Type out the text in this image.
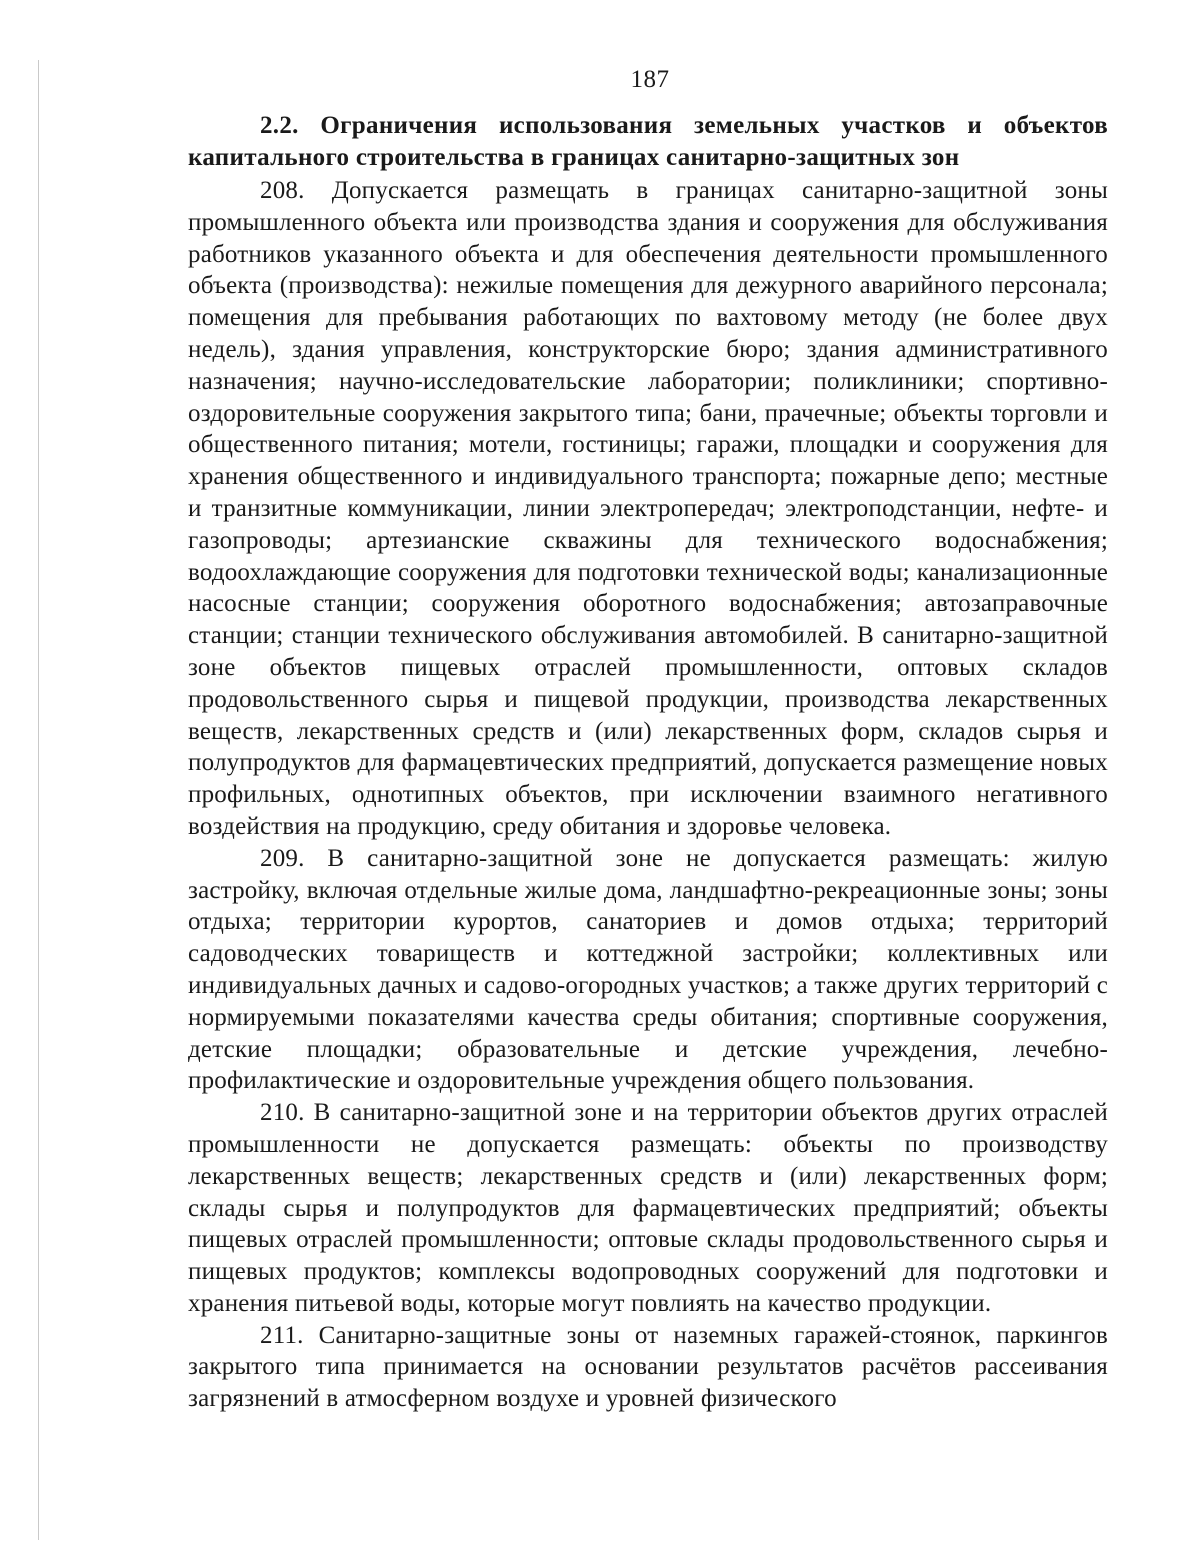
187
2.2. Ограничения использования земельных участков и объектов капитального строительства в границах санитарно-защитных зон

208. Допускается размещать в границах санитарно-защитной зоны промышленного объекта или производства здания и сооружения для обслуживания работников указанного объекта и для обеспечения деятельности промышленного объекта (производства): нежилые помещения для дежурного аварийного персонала; помещения для пребывания работающих по вахтовому методу (не более двух недель), здания управления, конструкторские бюро; здания административного назначения; научно-исследовательские лаборатории; поликлиники; спортивно-оздоровительные сооружения закрытого типа; бани, прачечные; объекты торговли и общественного питания; мотели, гостиницы; гаражи, площадки и сооружения для хранения общественного и индивидуального транспорта; пожарные депо; местные и транзитные коммуникации, линии электропередач; электроподстанции, нефте- и газопроводы; артезианские скважины для технического водоснабжения; водоохлаждающие сооружения для подготовки технической воды; канализационные насосные станции; сооружения оборотного водоснабжения; автозаправочные станции; станции технического обслуживания автомобилей. В санитарно-защитной зоне объектов пищевых отраслей промышленности, оптовых складов продовольственного сырья и пищевой продукции, производства лекарственных веществ, лекарственных средств и (или) лекарственных форм, складов сырья и полупродуктов для фармацевтических предприятий, допускается размещение новых профильных, однотипных объектов, при исключении взаимного негативного воздействия на продукцию, среду обитания и здоровье человека.

209. В санитарно-защитной зоне не допускается размещать: жилую застройку, включая отдельные жилые дома, ландшафтно-рекреационные зоны; зоны отдыха; территории курортов, санаториев и домов отдыха; территорий садоводческих товариществ и коттеджной застройки; коллективных или индивидуальных дачных и садово-огородных участков; а также других территорий с нормируемыми показателями качества среды обитания; спортивные сооружения, детские площадки; образовательные и детские учреждения, лечебно-профилактические и оздоровительные учреждения общего пользования.

210. В санитарно-защитной зоне и на территории объектов других отраслей промышленности не допускается размещать: объекты по производству лекарственных веществ; лекарственных средств и (или) лекарственных форм; склады сырья и полупродуктов для фармацевтических предприятий; объекты пищевых отраслей промышленности; оптовые склады продовольственного сырья и пищевых продуктов; комплексы водопроводных сооружений для подготовки и хранения питьевой воды, которые могут повлиять на качество продукции.

211. Санитарно-защитные зоны от наземных гаражей-стоянок, паркингов закрытого типа принимается на основании результатов расчётов рассеивания загрязнений в атмосферном воздухе и уровней физического
